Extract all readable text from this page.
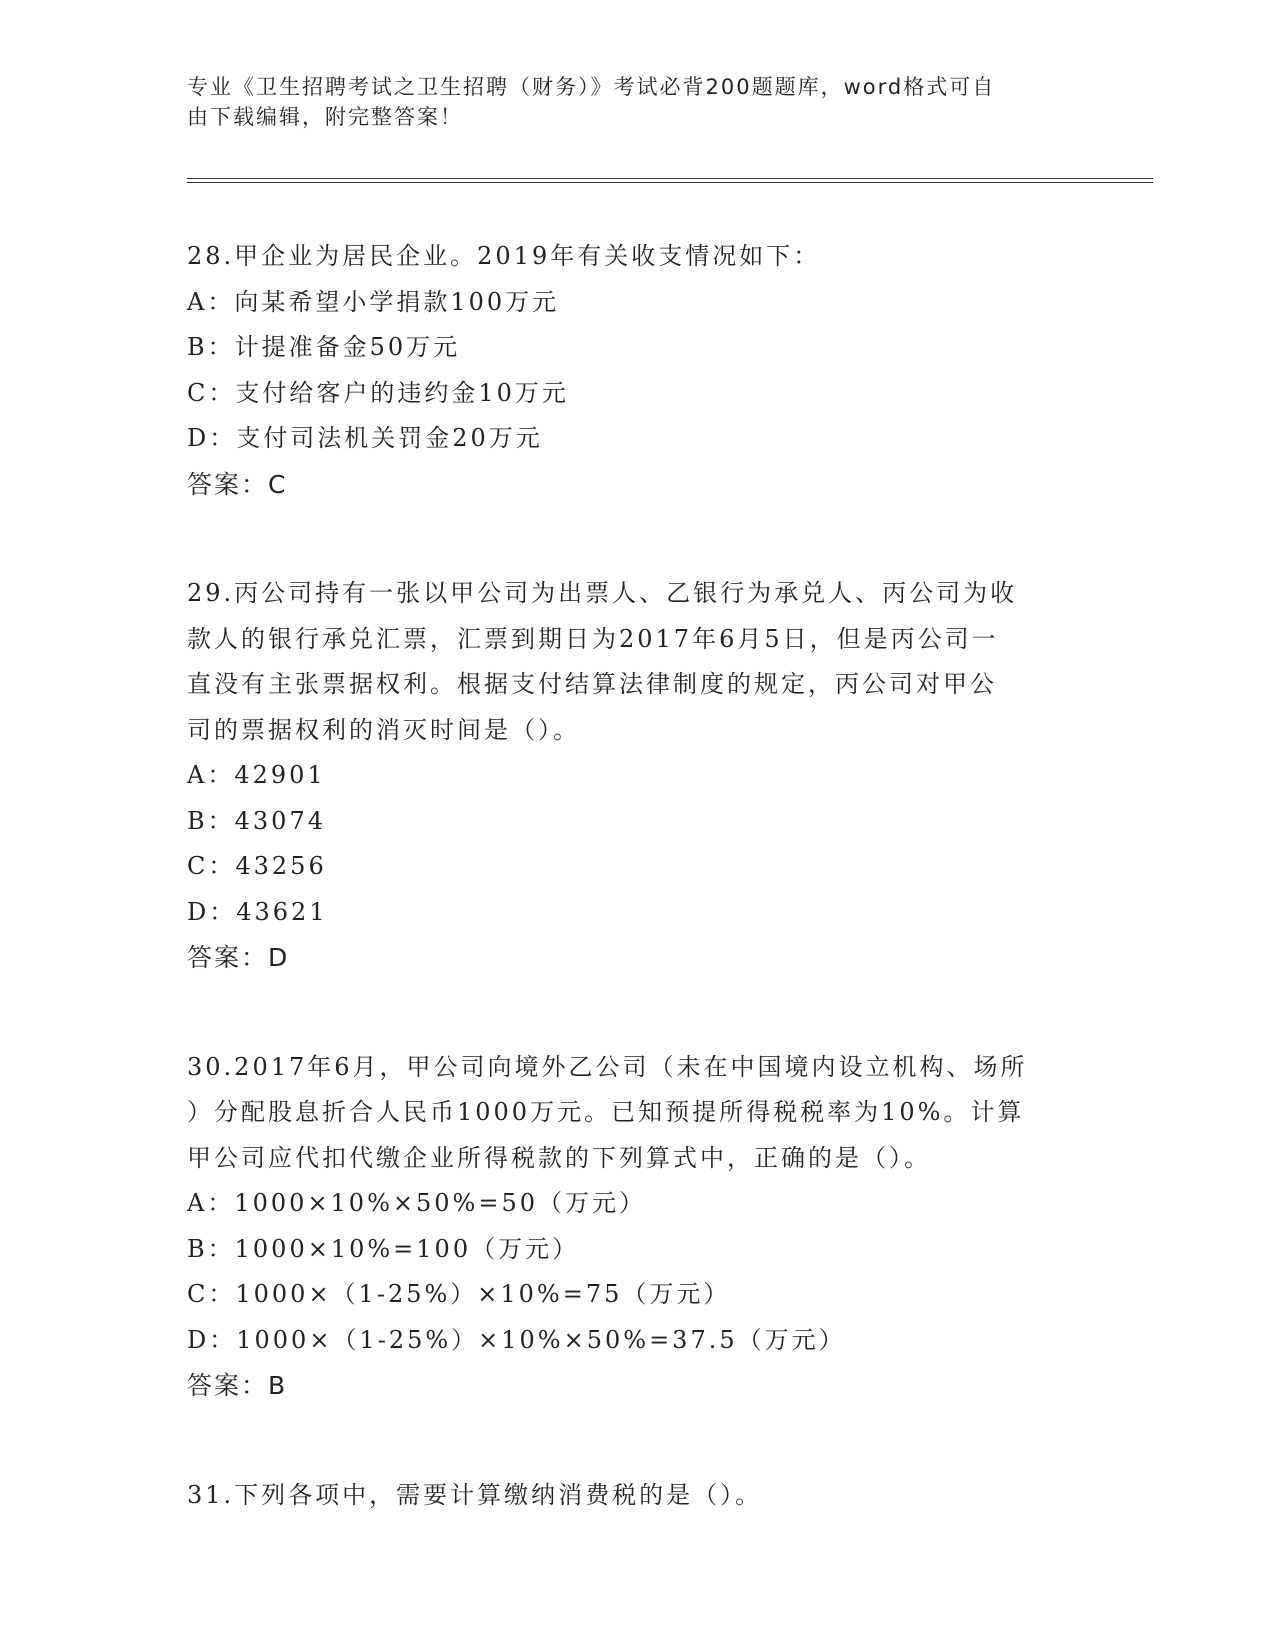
专业《卫生招聘考试之卫生招聘（财务）》考试必背200题题库，word格式可自
由下载编辑，附完整答案！

28.甲企业为居民企业。2019年有关收支情况如下：

A：向某希望小学捐款100万元

B：计提准备金50万元

C：支付给客户的违约金10万元

D：支付司法机关罚金20万元

答案：C

29.丙公司持有一张以甲公司为出票人、乙银行为承兑人、丙公司为收

款人的银行承兑汇票，汇票到期日为2017年6月5日，但是丙公司一

直没有主张票据权利。根据支付结算法律制度的规定，丙公司对甲公

司的票据权利的消灭时间是（）。

A：42901

B：43074

C：43256

D：43621

答案：D

30.2017年6月，甲公司向境外乙公司（未在中国境内设立机构、场所

）分配股息折合人民币1000万元。已知预提所得税税率为10%。计算

甲公司应代扣代缴企业所得税款的下列算式中，正确的是（）。

A：1000×10%×50%=50（万元）

B：1000×10%=100（万元）

C：1000×（1-25%）×10%=75（万元）

D：1000×（1-25%）×10%×50%=37.5（万元）

答案：B

31.下列各项中，需要计算缴纳消费税的是（）。
